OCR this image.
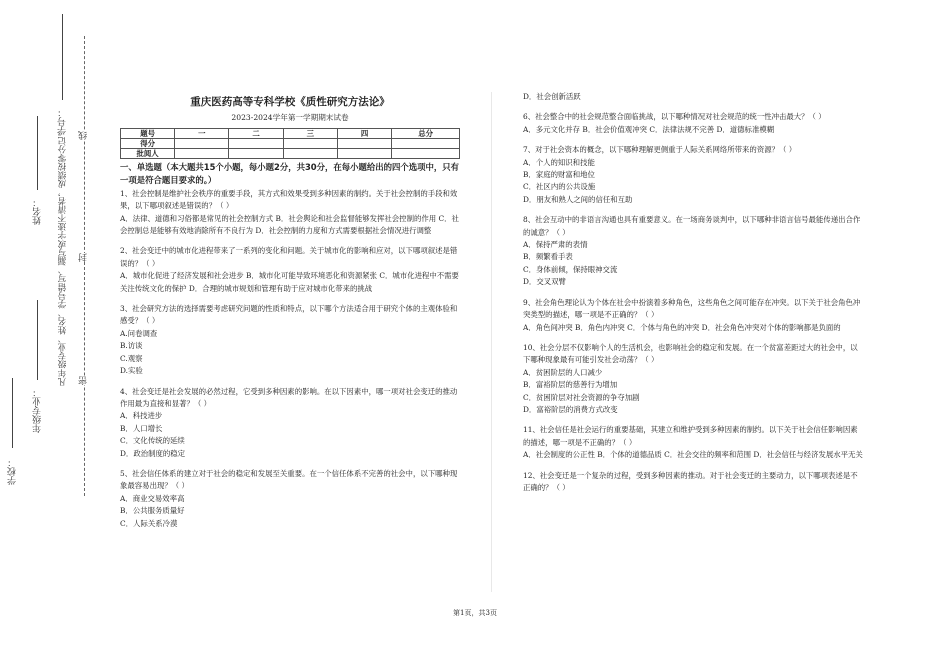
学校：
姓名：
年级专业：
学号：
凡年级专业、姓名、学号错写、漏写或字迹不清者，成绩按零分记。 密
封
线
重庆医药高等专科学校《质性研究方法论》
2023-2024学年第一学期期末试卷
题号	一	二	三	四	总分
得分					
批阅人					
一、单选题（本大题共15个小题，每小题2分，共30分，在每小题给出的四个选项中，只有一项是符合题目要求的。）
1、社会控制是维护社会秩序的重要手段，其方式和效果受到多种因素的制约。关于社会控制的手段和效果，以下哪项叙述是错误的？（ ）
A．法律、道德和习俗都是常见的社会控制方式 B．社会舆论和社会监督能够发挥社会控制的作用 C．社会控制总是能够有效地消除所有不良行为 D．社会控制的力度和方式需要根据社会情况进行调整
2、社会变迁中的城市化进程带来了一系列的变化和问题。关于城市化的影响和应对，以下哪项叙述是错误的？（ ）
A．城市化促进了经济发展和社会进步 B．城市化可能导致环境恶化和资源紧张 C．城市化进程中不需要关注传统文化的保护 D．合理的城市规划和管理有助于应对城市化带来的挑战
3、社会研究方法的选择需要考虑研究问题的性质和特点，以下哪个方法适合用于研究个体的主观体验和感受？（ ）
A.问卷调查
B.访谈
C.观察
D.实验
4、社会变迁是社会发展的必然过程，它受到多种因素的影响。在以下因素中，哪一项对社会变迁的推动作用最为直接和显著？（ ）
A．科技进步
B．人口增长
C．文化传统的延续
D．政治制度的稳定
5、社会信任体系的建立对于社会的稳定和发展至关重要。在一个信任体系不完善的社会中，以下哪种现象最容易出现？（ ）
A．商业交易效率高
B．公共服务质量好
C．人际关系冷漠
D．社会创新活跃
6、社会整合中的社会规范整合面临挑战，以下哪种情况对社会规范的统一性冲击最大？（ ）
A．多元文化并存 B．社会价值观冲突 C．法律法规不完善 D．道德标准模糊
7、对于社会资本的概念，以下哪种理解更侧重于人际关系网络所带来的资源？（ ）
A．个人的知识和技能
B．家庭的财富和地位
C．社区内的公共设施
D．朋友和熟人之间的信任和互助
8、社会互动中的非语言沟通也具有重要意义。在一场商务谈判中，以下哪种非语言信号最能传递出合作的诚意？（ ）
A．保持严肃的表情
B．频繁看手表
C．身体前倾，保持眼神交流
D．交叉双臂
9、社会角色理论认为个体在社会中扮演着多种角色，这些角色之间可能存在冲突。以下关于社会角色冲突类型的描述，哪一项是不正确的？（ ）
A．角色间冲突 B．角色内冲突 C．个体与角色的冲突 D．社会角色冲突对个体的影响都是负面的
10、社会分层不仅影响个人的生活机会，也影响社会的稳定和发展。在一个贫富差距过大的社会中，以下哪种现象最有可能引发社会动荡？（ ）
A．贫困阶层的人口减少
B．富裕阶层的慈善行为增加
C．贫困阶层对社会资源的争夺加剧
D．富裕阶层的消费方式改变
11、社会信任是社会运行的重要基础，其建立和维护受到多种因素的制约。以下关于社会信任影响因素的描述，哪一项是不正确的？（ ）
A．社会制度的公正性 B．个体的道德品质 C．社会交往的频率和范围 D．社会信任与经济发展水平无关
12、社会变迁是一个复杂的过程，受到多种因素的推动。对于社会变迁的主要动力，以下哪项表述是不正确的？（ ）
第1页，共3页
